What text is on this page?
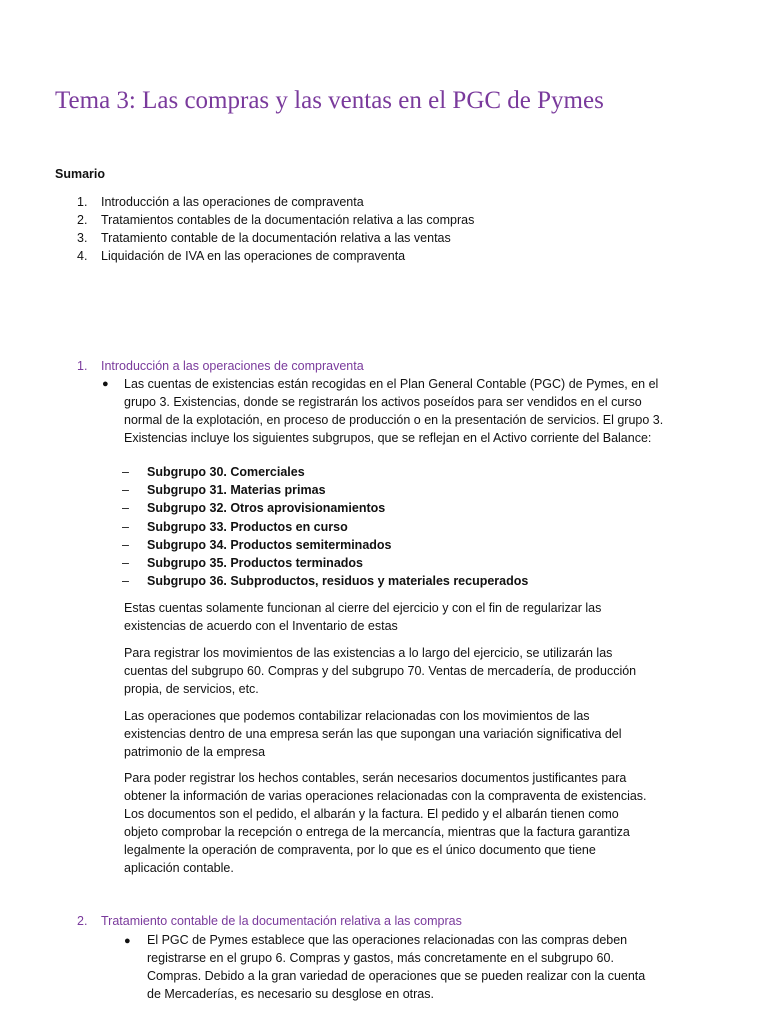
Tema 3: Las compras y las ventas en el PGC de Pymes
Sumario
1.	Introducción a las operaciones de compraventa
2.	Tratamientos contables de la documentación relativa a las compras
3.	Tratamiento contable de la documentación relativa a las ventas
4.	Liquidación de IVA en las operaciones de compraventa
1. Introducción a las operaciones de compraventa
● Las cuentas de existencias están recogidas en el Plan General Contable (PGC) de Pymes, en el grupo 3. Existencias, donde se registrarán los activos poseídos para ser vendidos en el curso normal de la explotación, en proceso de producción o en la presentación de servicios. El grupo 3. Existencias incluye los siguientes subgrupos, que se reflejan en el Activo corriente del Balance:
–	Subgrupo 30. Comerciales
–	Subgrupo 31. Materias primas
–	Subgrupo 32. Otros aprovisionamientos
–	Subgrupo 33. Productos en curso
–	Subgrupo 34. Productos semiterminados
–	Subgrupo 35. Productos terminados
–	Subgrupo 36. Subproductos, residuos y materiales recuperados
Estas cuentas solamente funcionan al cierre del ejercicio y con el fin de regularizar las existencias de acuerdo con el Inventario de estas
Para registrar los movimientos de las existencias a lo largo del ejercicio, se utilizarán las cuentas del subgrupo 60. Compras y del subgrupo 70. Ventas de mercadería, de producción propia, de servicios, etc.
Las operaciones que podemos contabilizar relacionadas con los movimientos de las existencias dentro de una empresa serán las que supongan una variación significativa del patrimonio de la empresa
Para poder registrar los hechos contables, serán necesarios documentos justificantes para obtener la información de varias operaciones relacionadas con la compraventa de existencias. Los documentos son el pedido, el albarán y la factura. El pedido y el albarán tienen como objeto comprobar la recepción o entrega de la mercancía, mientras que la factura garantiza legalmente la operación de compraventa, por lo que es el único documento que tiene aplicación contable.
2. Tratamiento contable de la documentación relativa a las compras
● El PGC de Pymes establece que las operaciones relacionadas con las compras deben registrarse en el grupo 6. Compras y gastos, más concretamente en el subgrupo 60. Compras. Debido a la gran variedad de operaciones que se pueden realizar con la cuenta de Mercaderías, es necesario su desglose en otras.
